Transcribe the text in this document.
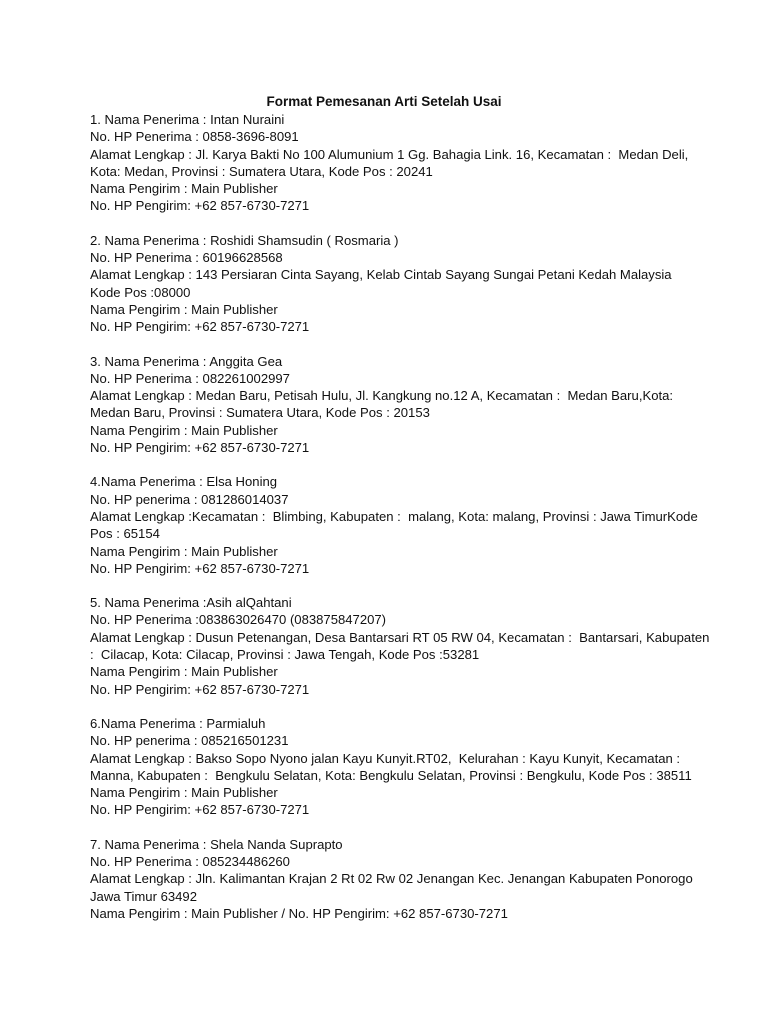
Format Pemesanan Arti Setelah Usai
1. Nama Penerima : Intan Nuraini
No. HP Penerima : 0858-3696-8091
Alamat Lengkap : Jl. Karya Bakti No 100 Alumunium 1 Gg. Bahagia Link. 16, Kecamatan :  Medan Deli,
Kota: Medan, Provinsi : Sumatera Utara, Kode Pos : 20241
Nama Pengirim : Main Publisher
No. HP Pengirim: +62 857-6730-7271
2. Nama Penerima : Roshidi Shamsudin ( Rosmaria )
No. HP Penerima : 60196628568
Alamat Lengkap : 143 Persiaran Cinta Sayang, Kelab Cintab Sayang Sungai Petani Kedah Malaysia
Kode Pos :08000
Nama Pengirim : Main Publisher
No. HP Pengirim: +62 857-6730-7271
3. Nama Penerima : Anggita Gea
No. HP Penerima : 082261002997
Alamat Lengkap : Medan Baru, Petisah Hulu, Jl. Kangkung no.12 A, Kecamatan :  Medan Baru,Kota:
Medan Baru, Provinsi : Sumatera Utara, Kode Pos : 20153
Nama Pengirim : Main Publisher
No. HP Pengirim: +62 857-6730-7271
4.Nama Penerima : Elsa Honing
No. HP penerima : 081286014037
Alamat Lengkap :Kecamatan :  Blimbing, Kabupaten :  malang, Kota: malang, Provinsi : Jawa TimurKode
Pos : 65154
Nama Pengirim : Main Publisher
No. HP Pengirim: +62 857-6730-7271
5. Nama Penerima :Asih alQahtani
No. HP Penerima :083863026470 (083875847207)
Alamat Lengkap : Dusun Petenangan, Desa Bantarsari RT 05 RW 04, Kecamatan :  Bantarsari, Kabupaten
:  Cilacap, Kota: Cilacap, Provinsi : Jawa Tengah, Kode Pos :53281
Nama Pengirim : Main Publisher
No. HP Pengirim: +62 857-6730-7271
6.Nama Penerima : Parmialuh
No. HP penerima : 085216501231
Alamat Lengkap : Bakso Sopo Nyono jalan Kayu Kunyit.RT02,  Kelurahan : Kayu Kunyit, Kecamatan :
Manna, Kabupaten :  Bengkulu Selatan, Kota: Bengkulu Selatan, Provinsi : Bengkulu, Kode Pos : 38511
Nama Pengirim : Main Publisher
No. HP Pengirim: +62 857-6730-7271
7. Nama Penerima : Shela Nanda Suprapto
No. HP Penerima : 085234486260
Alamat Lengkap : Jln. Kalimantan Krajan 2 Rt 02 Rw 02 Jenangan Kec. Jenangan Kabupaten Ponorogo
Jawa Timur 63492
Nama Pengirim : Main Publisher / No. HP Pengirim: +62 857-6730-7271
